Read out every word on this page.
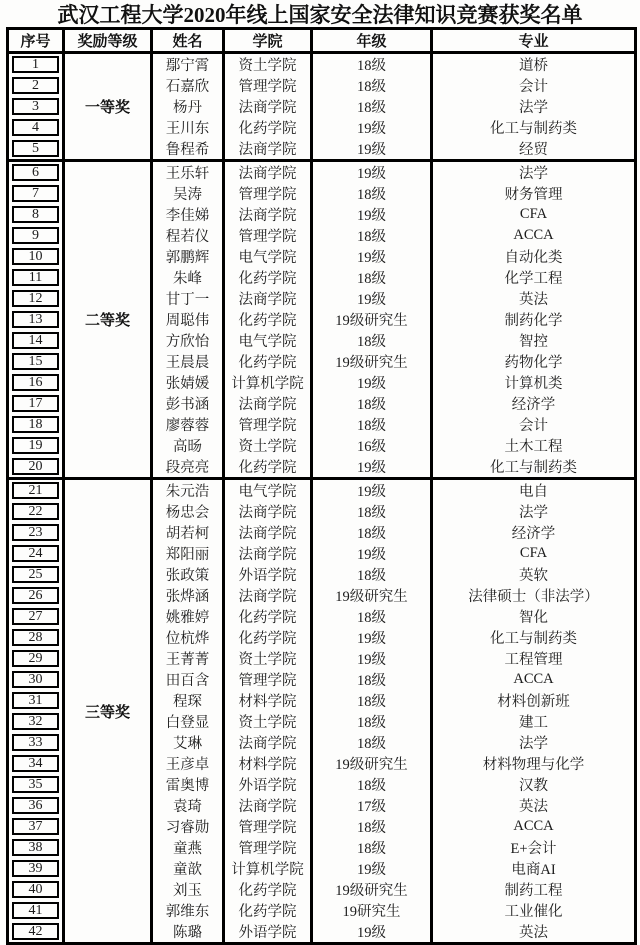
武汉工程大学2020年线上国家安全法律知识竞赛获奖名单
序号	奖励等级	姓名	学院	年级	专业

1	一等奖	鄢宁霄	资土学院	18级	道桥

2		石嘉欣	管理学院	18级	会计

3		杨丹	法商学院	18级	法学

4		王川东	化药学院	19级	化工与制药类

5		鲁程希	法商学院	19级	经贸

6	二等奖	王乐轩	法商学院	19级	法学

7		吴涛	管理学院	18级	财务管理

8		李佳娣	法商学院	19级	CFA

9		程若仪	管理学院	18级	ACCA

10		郭鹏辉	电气学院	19级	自动化类

11		朱峰	化药学院	18级	化学工程

12		甘丁一	法商学院	19级	英法

13		周聪伟	化药学院	19级研究生	制药化学

14		方欣怡	电气学院	18级	智控

15		王晨晨	化药学院	19级研究生	药物化学

16		张婧媛	计算机学院	19级	计算机类

17		彭书涵	法商学院	18级	经济学

18		廖蓉蓉	管理学院	18级	会计

19		高旸	资土学院	16级	土木工程

20		段亮亮	化药学院	19级	化工与制药类

21	三等奖	朱元浩	电气学院	19级	电自

22		杨忠会	法商学院	18级	法学

23		胡若柯	法商学院	18级	经济学

24		郑阳丽	法商学院	19级	CFA

25		张政策	外语学院	18级	英软

26		张烨涵	法商学院	19级研究生	法律硕士（非法学）

27		姚雅婷	化药学院	18级	智化

28		位杭烨	化药学院	19级	化工与制药类

29		王菁菁	资土学院	19级	工程管理

30		田百含	管理学院	18级	ACCA

31		程琛	材料学院	18级	材料创新班

32		白登显	资土学院	18级	建工

33		艾琳	法商学院	18级	法学

34		王彦卓	材料学院	19级研究生	材料物理与化学

35		雷奥博	外语学院	18级	汉教

36		袁琦	法商学院	17级	英法

37		习睿勋	管理学院	18级	ACCA

38		童燕	管理学院	18级	E+会计

39		童歆	计算机学院	19级	电商AI

40		刘玉	化药学院	19级研究生	制药工程

41		郭维东	化药学院	19研究生	工业催化

42		陈璐	外语学院	19级	英法
